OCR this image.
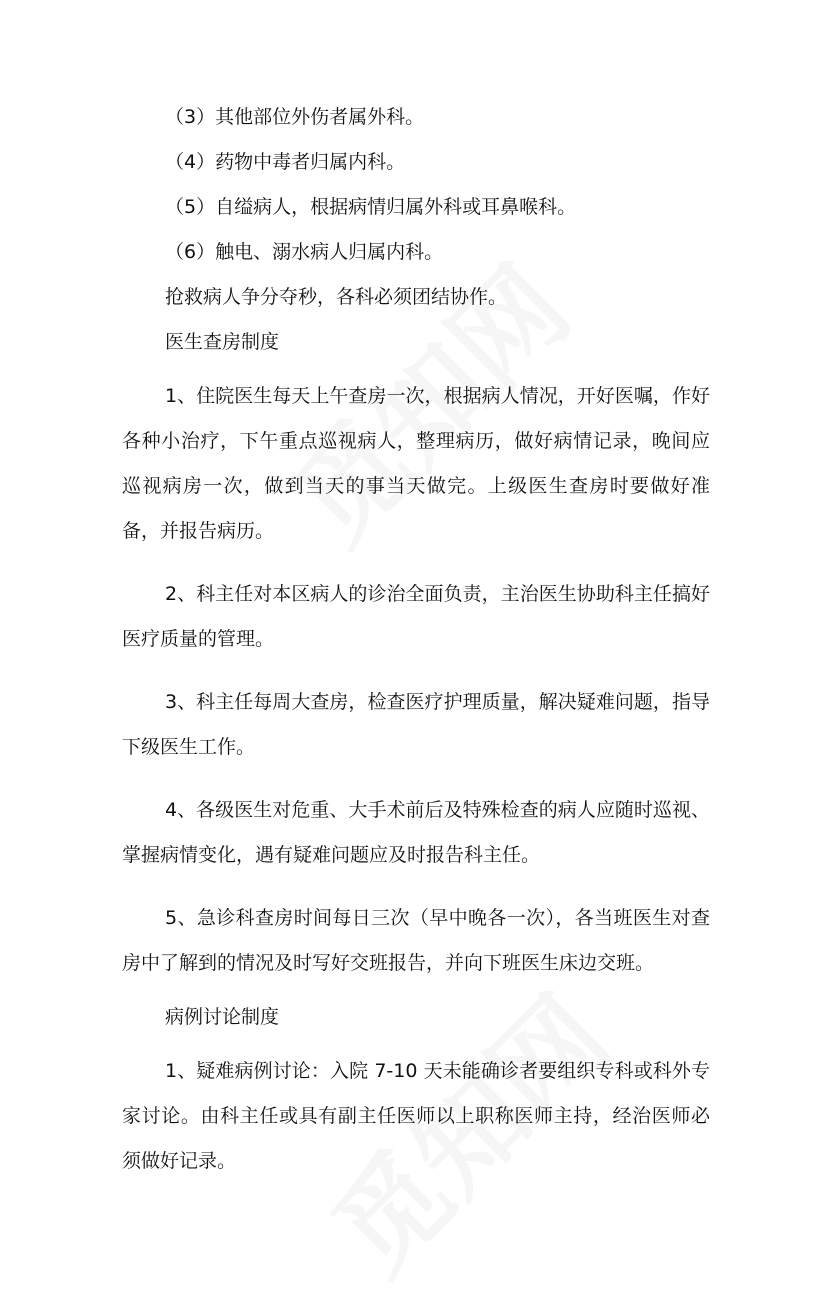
（3）其他部位外伤者属外科。
（4）药物中毒者归属内科。
（5）自缢病人，根据病情归属外科或耳鼻喉科。
（6）触电、溺水病人归属内科。
抢救病人争分夺秒，各科必须团结协作。
医生查房制度

1、住院医生每天上午查房一次，根据病人情况，开好医嘱，作好各种小治疗，下午重点巡视病人，整理病历，做好病情记录，晚间应巡视病房一次，做到当天的事当天做完。上级医生查房时要做好准备，并报告病历。

2、科主任对本区病人的诊治全面负责，主治医生协助科主任搞好医疗质量的管理。

3、科主任每周大查房，检查医疗护理质量，解决疑难问题，指导下级医生工作。

4、各级医生对危重、大手术前后及特殊检查的病人应随时巡视、掌握病情变化，遇有疑难问题应及时报告科主任。

5、急诊科查房时间每日三次（早中晚各一次），各当班医生对查房中了解到的情况及时写好交班报告，并向下班医生床边交班。

病例讨论制度

1、疑难病例讨论：入院 7-10 天未能确诊者要组织专科或科外专家讨论。由科主任或具有副主任医师以上职称医师主持，经治医师必须做好记录。
